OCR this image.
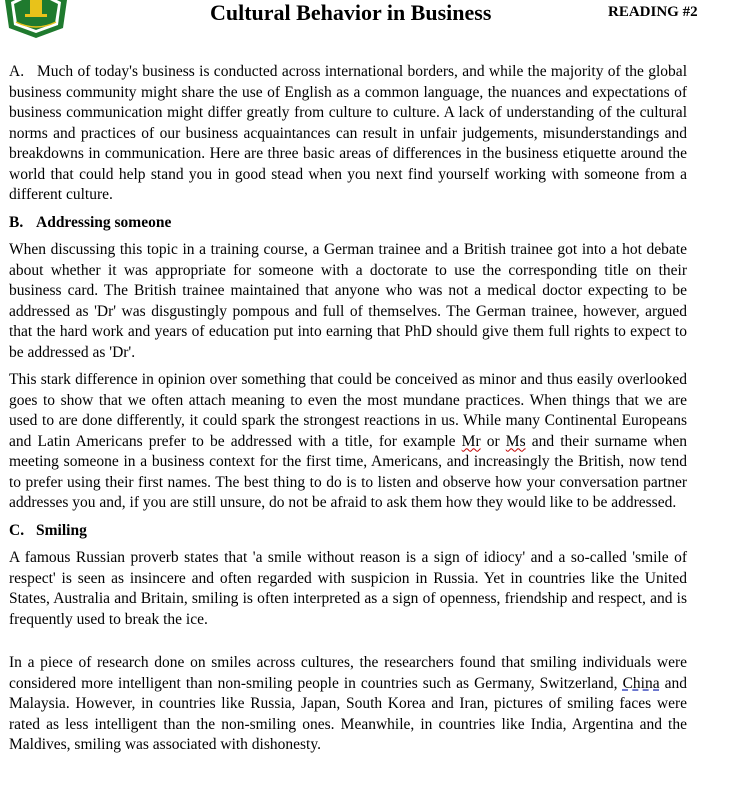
Cultural Behavior in Business	READING #2

A. Much of today's business is conducted across international borders, and while the majority of the global business community might share the use of English as a common language, the nuances and expectations of business communication might differ greatly from culture to culture. A lack of understanding of the cultural norms and practices of our business acquaintances can result in unfair judgements, misunderstandings and breakdowns in communication. Here are three basic areas of differences in the business etiquette around the world that could help stand you in good stead when you next find yourself working with someone from a different culture.

B. Addressing someone

When discussing this topic in a training course, a German trainee and a British trainee got into a hot debate about whether it was appropriate for someone with a doctorate to use the corresponding title on their business card. The British trainee maintained that anyone who was not a medical doctor expecting to be addressed as 'Dr' was disgustingly pompous and full of themselves. The German trainee, however, argued that the hard work and years of education put into earning that PhD should give them full rights to expect to be addressed as 'Dr'.

This stark difference in opinion over something that could be conceived as minor and thus easily overlooked goes to show that we often attach meaning to even the most mundane practices. When things that we are used to are done differently, it could spark the strongest reactions in us. While many Continental Europeans and Latin Americans prefer to be addressed with a title, for example Mr or Ms and their surname when meeting someone in a business context for the first time, Americans, and increasingly the British, now tend to prefer using their first names. The best thing to do is to listen and observe how your conversation partner addresses you and, if you are still unsure, do not be afraid to ask them how they would like to be addressed.

C. Smiling

A famous Russian proverb states that 'a smile without reason is a sign of idiocy' and a so-called 'smile of respect' is seen as insincere and often regarded with suspicion in Russia. Yet in countries like the United States, Australia and Britain, smiling is often interpreted as a sign of openness, friendship and respect, and is frequently used to break the ice.

In a piece of research done on smiles across cultures, the researchers found that smiling individuals were considered more intelligent than non-smiling people in countries such as Germany, Switzerland, China and Malaysia. However, in countries like Russia, Japan, South Korea and Iran, pictures of smiling faces were rated as less intelligent than the non-smiling ones. Meanwhile, in countries like India, Argentina and the Maldives, smiling was associated with dishonesty.
